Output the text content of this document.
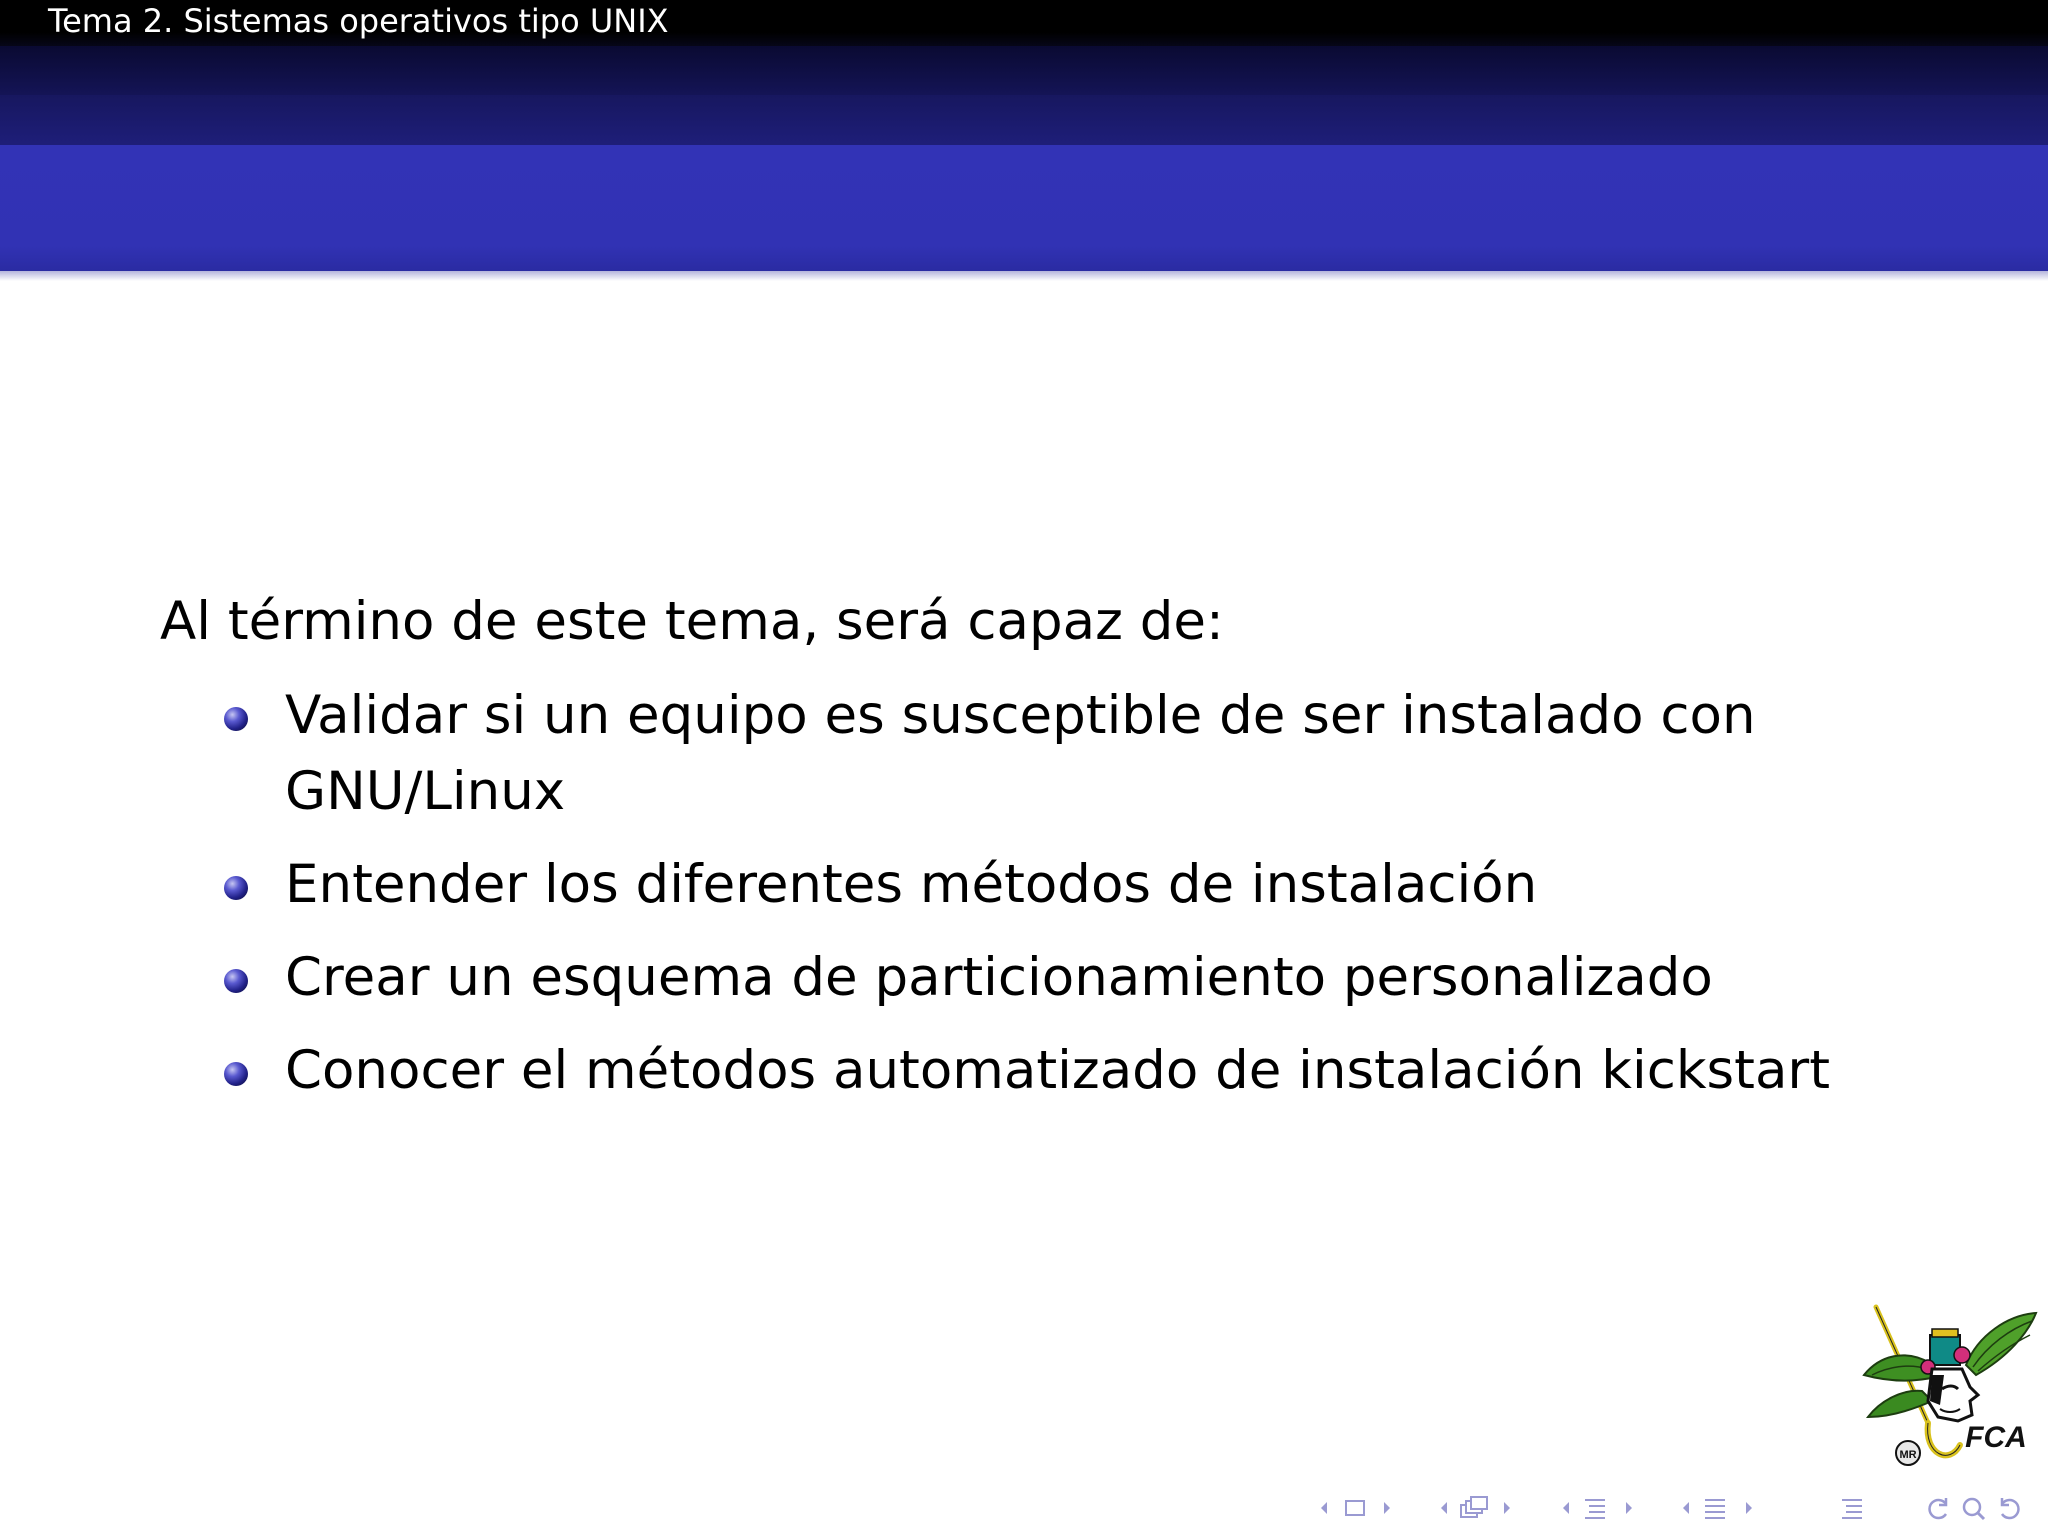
Tema 2. Sistemas operativos tipo UNIX
Objetivos
Al término de este tema, será capaz de:
Validar si un equipo es susceptible de ser instalado con GNU/Linux
Entender los diferentes métodos de instalación
Crear un esquema de particionamiento personalizado
Conocer el métodos automatizado de instalación kickstart
MR
FCA
